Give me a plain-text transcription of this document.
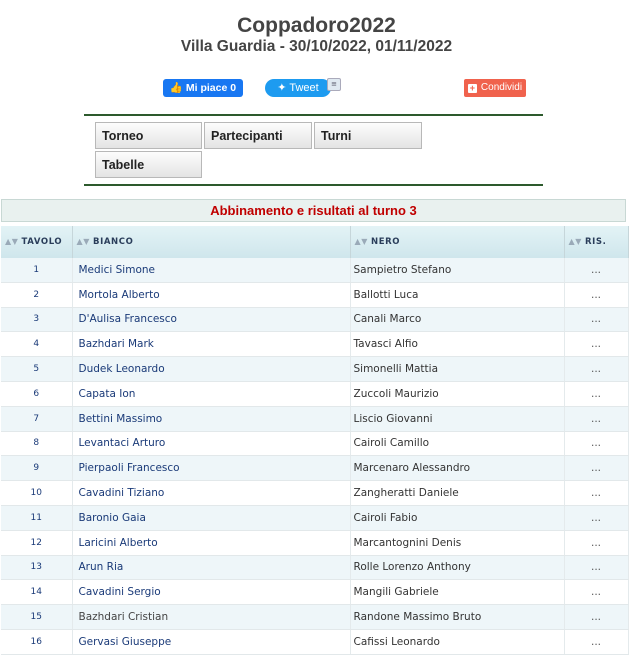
Coppadoro2022
Villa Guardia - 30/10/2022, 01/11/2022
👍 Mi piace 0	✦ Tweet	≡	+ Condividi
Torneo	Partecipanti	Turni
Tabelle
Abbinamento e risultati al turno 3
▲▼ TAVOLO	▲▼ BIANCO	▲▼ NERO	▲▼ RIS.
1	Medici Simone	Sampietro Stefano	...
2	Mortola Alberto	Ballotti Luca	...
3	D'Aulisa Francesco	Canali Marco	...
4	Bazhdari Mark	Tavasci Alfio	...
5	Dudek Leonardo	Simonelli Mattia	...
6	Capata Ion	Zuccoli Maurizio	...
7	Bettini Massimo	Liscio Giovanni	...
8	Levantaci Arturo	Cairoli Camillo	...
9	Pierpaoli Francesco	Marcenaro Alessandro	...
10	Cavadini Tiziano	Zangheratti Daniele	...
11	Baronio Gaia	Cairoli Fabio	...
12	Laricini Alberto	Marcantognini Denis	...
13	Arun Ria	Rolle Lorenzo Anthony	...
14	Cavadini Sergio	Mangili Gabriele	...
15	Bazhdari Cristian	Randone Massimo Bruto	...
16	Gervasi Giuseppe	Cafissi Leonardo	...
